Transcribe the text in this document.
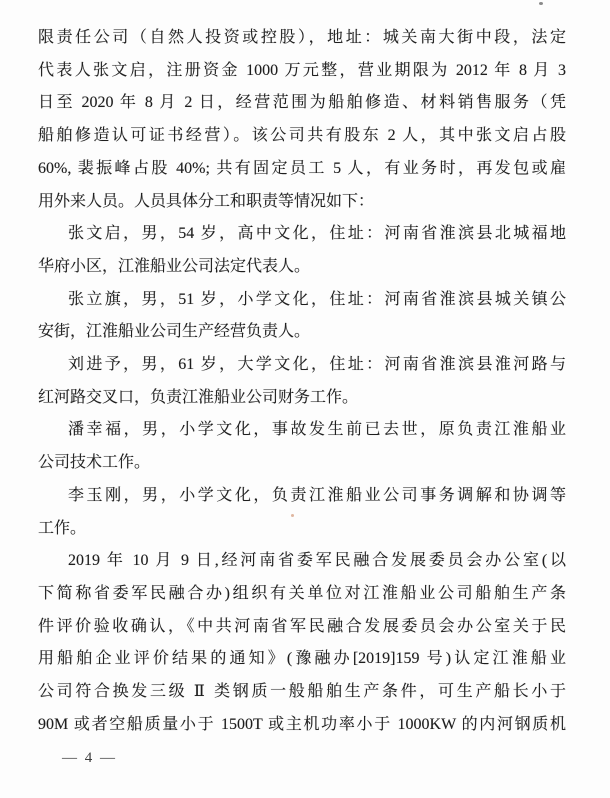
限责任公司（自然人投资或控股），地址：城关南大街中段，法定
代表人张文启，注册资金 1000 万元整，营业期限为 2012 年 8 月 3
日至 2020 年 8 月 2 日，经营范围为船舶修造、材料销售服务（凭
船舶修造认可证书经营）。该公司共有股东 2 人，其中张文启占股
60%, 裴振峰占股 40%; 共有固定员工 5 人，有业务时，再发包或雇
用外来人员。人员具体分工和职责等情况如下：
张文启，男，54 岁，高中文化，住址：河南省淮滨县北城福地
华府小区，江淮船业公司法定代表人。
张立旗，男，51 岁，小学文化，住址：河南省淮滨县城关镇公
安街，江淮船业公司生产经营负责人。
刘进予，男，61 岁，大学文化，住址：河南省淮滨县淮河路与
红河路交叉口，负责江淮船业公司财务工作。
潘幸福，男，小学文化，事故发生前已去世，原负责江淮船业
公司技术工作。
李玉刚，男，小学文化，负责江淮船业公司事务调解和协调等
工作。
2019 年 10 月 9 日,经河南省委军民融合发展委员会办公室(以
下简称省委军民融合办)组织有关单位对江淮船业公司船舶生产条
件评价验收确认，《中共河南省军民融合发展委员会办公室关于民
用船舶企业评价结果的通知》(豫融办[2019]159 号)认定江淮船业
公司符合换发三级 Ⅱ 类钢质一般船舶生产条件，可生产船长小于
90M 或者空船质量小于 1500T 或主机功率小于 1000KW 的内河钢质机
— 4 —
